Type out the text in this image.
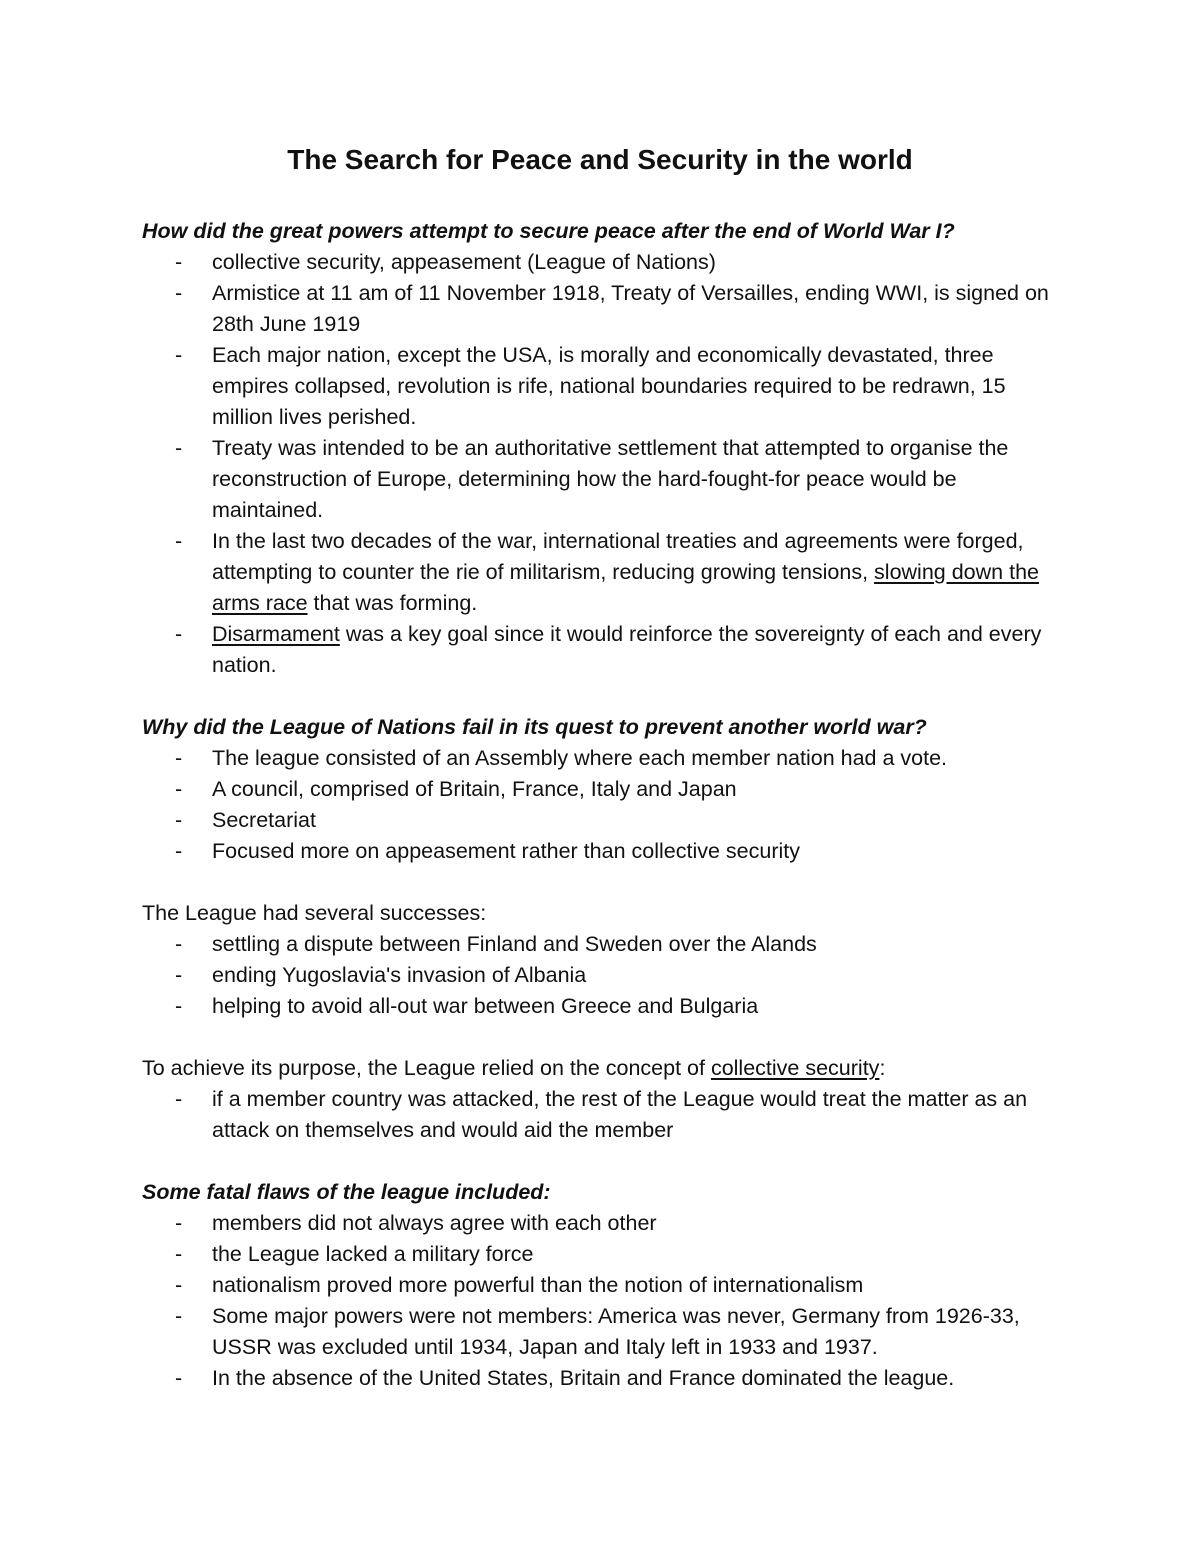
The Search for Peace and Security in the world

How did the great powers attempt to secure peace after the end of World War I?

- collective security, appeasement (League of Nations)
- Armistice at 11 am of 11 November 1918, Treaty of Versailles, ending WWI, is signed on 28th June 1919
- Each major nation, except the USA, is morally and economically devastated, three empires collapsed, revolution is rife, national boundaries required to be redrawn, 15 million lives perished.
- Treaty was intended to be an authoritative settlement that attempted to organise the reconstruction of Europe, determining how the hard-fought-for peace would be maintained.
- In the last two decades of the war, international treaties and agreements were forged, attempting to counter the rie of militarism, reducing growing tensions, slowing down the arms race that was forming.
- Disarmament was a key goal since it would reinforce the sovereignty of each and every nation.

Why did the League of Nations fail in its quest to prevent another world war?

- The league consisted of an Assembly where each member nation had a vote.
- A council, comprised of Britain, France, Italy and Japan
- Secretariat
- Focused more on appeasement rather than collective security

The League had several successes:

- settling a dispute between Finland and Sweden over the Alands
- ending Yugoslavia's invasion of Albania
- helping to avoid all-out war between Greece and Bulgaria

To achieve its purpose, the League relied on the concept of collective security:

- if a member country was attacked, the rest of the League would treat the matter as an attack on themselves and would aid the member

Some fatal flaws of the league included:

- members did not always agree with each other
- the League lacked a military force
- nationalism proved more powerful than the notion of internationalism
- Some major powers were not members: America was never, Germany from 1926-33, USSR was excluded until 1934, Japan and Italy left in 1933 and 1937.
- In the absence of the United States, Britain and France dominated the league.
